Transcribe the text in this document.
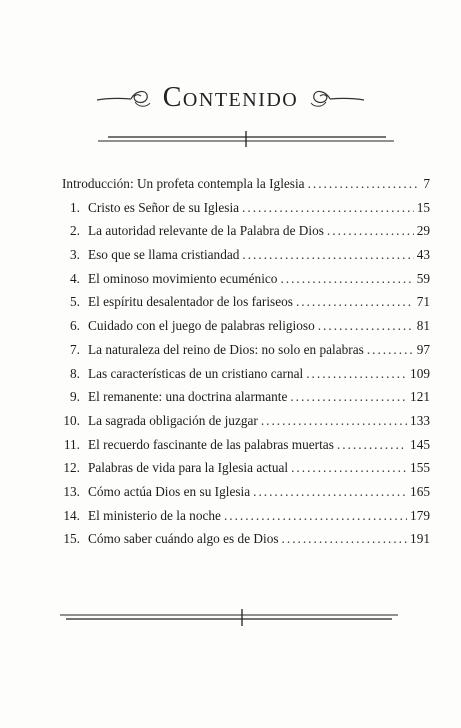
Contenido
Introducción: Un profeta contempla la Iglesia .....	7
1. Cristo es Señor de su Iglesia .....	15
2. La autoridad relevante de la Palabra de Dios .....	29
3. Eso que se llama cristiandad .....	43
4. El ominoso movimiento ecuménico .....	59
5. El espíritu desalentador de los fariseos .....	71
6. Cuidado con el juego de palabras religioso .....	81
7. La naturaleza del reino de Dios: no solo en palabras .....	97
8. Las características de un cristiano carnal .....	109
9. El remanente: una doctrina alarmante .....	121
10. La sagrada obligación de juzgar .....	133
11. El recuerdo fascinante de las palabras muertas .....	145
12. Palabras de vida para la Iglesia actual .....	155
13. Cómo actúa Dios en su Iglesia .....	165
14. El ministerio de la noche .....	179
15. Cómo saber cuándo algo es de Dios .....	191
